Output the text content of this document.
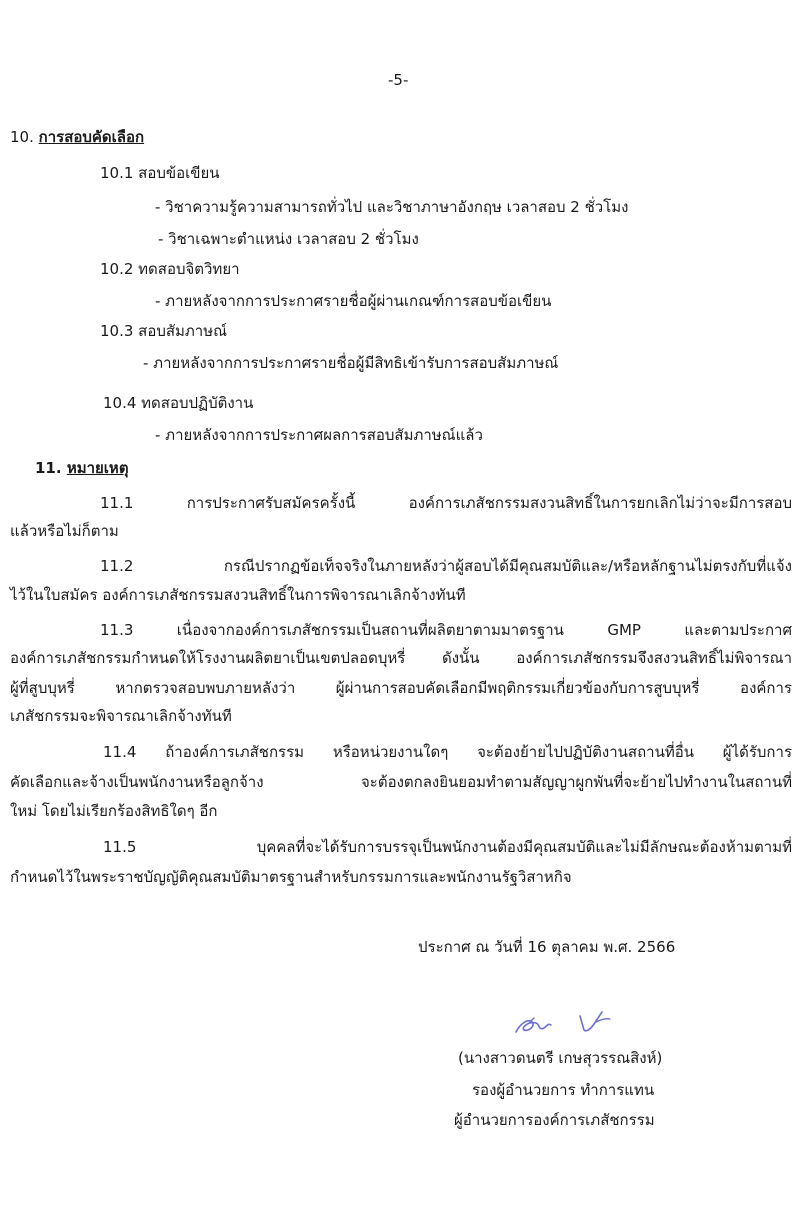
-5-
10. การสอบคัดเลือก
10.1 สอบข้อเขียน
- วิชาความรู้ความสามารถทั่วไป และวิชาภาษาอังกฤษ เวลาสอบ 2 ชั่วโมง
- วิชาเฉพาะตำแหน่ง เวลาสอบ 2 ชั่วโมง
10.2 ทดสอบจิตวิทยา
- ภายหลังจากการประกาศรายชื่อผู้ผ่านเกณฑ์การสอบข้อเขียน
10.3 สอบสัมภาษณ์
- ภายหลังจากการประกาศรายชื่อผู้มีสิทธิเข้ารับการสอบสัมภาษณ์
10.4 ทดสอบปฏิบัติงาน
- ภายหลังจากการประกาศผลการสอบสัมภาษณ์แล้ว
11. หมายเหตุ
11.1 การประกาศรับสมัครครั้งนี้ องค์การเภสัชกรรมสงวนสิทธิ์ในการยกเลิกไม่ว่าจะมีการสอบ
แล้วหรือไม่ก็ตาม
11.2 กรณีปรากฏข้อเท็จจริงในภายหลังว่าผู้สอบได้มีคุณสมบัติและ/หรือหลักฐานไม่ตรงกับที่แจ้ง
ไว้ในใบสมัคร องค์การเภสัชกรรมสงวนสิทธิ์ในการพิจารณาเลิกจ้างทันที
11.3 เนื่องจากองค์การเภสัชกรรมเป็นสถานที่ผลิตยาตามมาตรฐาน GMP และตามประกาศ
องค์การเภสัชกรรมกำหนดให้โรงงานผลิตยาเป็นเขตปลอดบุหรี่ ดังนั้น องค์การเภสัชกรรมจึงสงวนสิทธิ์ไม่พิจารณา
ผู้ที่สูบบุหรี่ หากตรวจสอบพบภายหลังว่า ผู้ผ่านการสอบคัดเลือกมีพฤติกรรมเกี่ยวข้องกับการสูบบุหรี่ องค์การ
เภสัชกรรมจะพิจารณาเลิกจ้างทันที
11.4 ถ้าองค์การเภสัชกรรม หรือหน่วยงานใดๆ จะต้องย้ายไปปฏิบัติงานสถานที่อื่น ผู้ได้รับการ
คัดเลือกและจ้างเป็นพนักงานหรือลูกจ้าง จะต้องตกลงยินยอมทำตามสัญญาผูกพันที่จะย้ายไปทำงานในสถานที่
ใหม่ โดยไม่เรียกร้องสิทธิใดๆ อีก
11.5 บุคคลที่จะได้รับการบรรจุเป็นพนักงานต้องมีคุณสมบัติและไม่มีลักษณะต้องห้ามตามที่
กำหนดไว้ในพระราชบัญญัติคุณสมบัติมาตรฐานสำหรับกรรมการและพนักงานรัฐวิสาหกิจ
ประกาศ ณ วันที่ 16 ตุลาคม พ.ศ. 2566
(นางสาวดนตรี เกษสุวรรณสิงห์)
รองผู้อำนวยการ ทำการแทน
ผู้อำนวยการองค์การเภสัชกรรม
